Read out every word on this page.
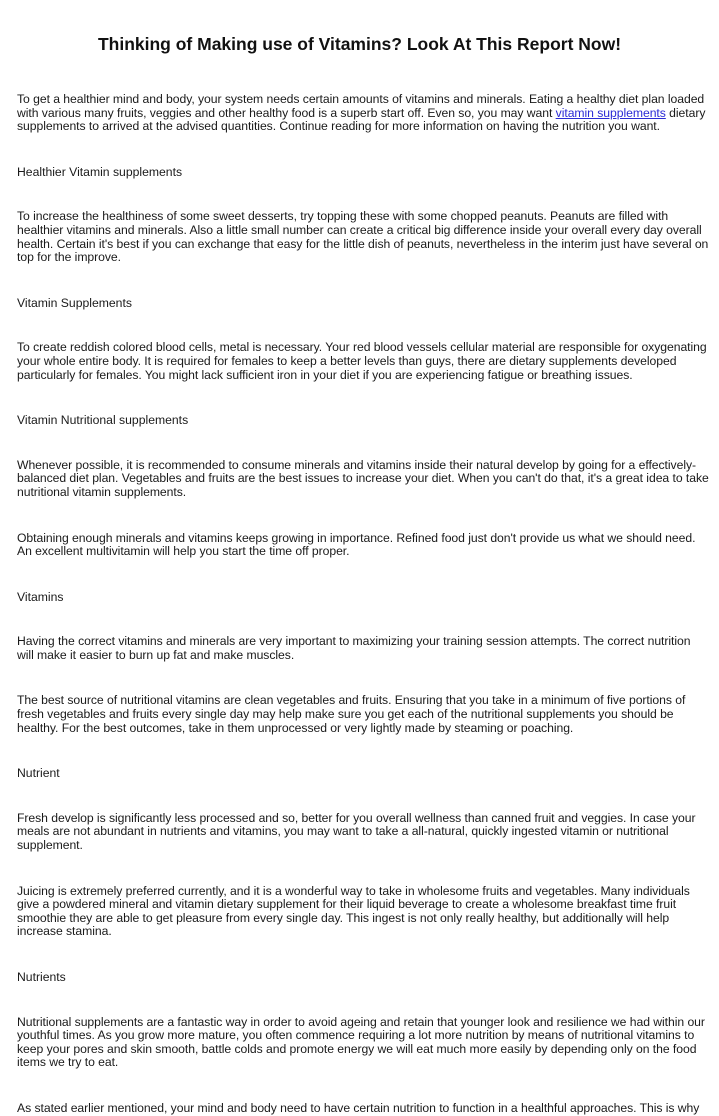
Thinking of Making use of Vitamins? Look At This Report Now!

To get a healthier mind and body, your system needs certain amounts of vitamins and minerals. Eating a healthy diet plan loaded with various many fruits, veggies and other healthy food is a superb start off. Even so, you may want vitamin supplements dietary supplements to arrived at the advised quantities. Continue reading for more information on having the nutrition you want.

Healthier Vitamin supplements

To increase the healthiness of some sweet desserts, try topping these with some chopped peanuts. Peanuts are filled with healthier vitamins and minerals. Also a little small number can create a critical big difference inside your overall every day overall health. Certain it's best if you can exchange that easy for the little dish of peanuts, nevertheless in the interim just have several on top for the improve.

Vitamin Supplements

To create reddish colored blood cells, metal is necessary. Your red blood vessels cellular material are responsible for oxygenating your whole entire body. It is required for females to keep a better levels than guys, there are dietary supplements developed particularly for females. You might lack sufficient iron in your diet if you are experiencing fatigue or breathing issues.

Vitamin Nutritional supplements

Whenever possible, it is recommended to consume minerals and vitamins inside their natural develop by going for a effectively-balanced diet plan. Vegetables and fruits are the best issues to increase your diet. When you can't do that, it's a great idea to take nutritional vitamin supplements.

Obtaining enough minerals and vitamins keeps growing in importance. Refined food just don't provide us what we should need. An excellent multivitamin will help you start the time off proper.

Vitamins

Having the correct vitamins and minerals are very important to maximizing your training session attempts. The correct nutrition will make it easier to burn up fat and make muscles.

The best source of nutritional vitamins are clean vegetables and fruits. Ensuring that you take in a minimum of five portions of fresh vegetables and fruits every single day may help make sure you get each of the nutritional supplements you should be healthy. For the best outcomes, take in them unprocessed or very lightly made by steaming or poaching.

Nutrient

Fresh develop is significantly less processed and so, better for you overall wellness than canned fruit and veggies. In case your meals are not abundant in nutrients and vitamins, you may want to take a all-natural, quickly ingested vitamin or nutritional supplement.

Juicing is extremely preferred currently, and it is a wonderful way to take in wholesome fruits and vegetables. Many individuals give a powdered mineral and vitamin dietary supplement for their liquid beverage to create a wholesome breakfast time fruit smoothie they are able to get pleasure from every single day. This ingest is not only really healthy, but additionally will help increase stamina.

Nutrients

Nutritional supplements are a fantastic way in order to avoid ageing and retain that younger look and resilience we had within our youthful times. As you grow more mature, you often commence requiring a lot more nutrition by means of nutritional vitamins to keep your pores and skin smooth, battle colds and promote energy we will eat much more easily by depending only on the food items we try to eat.

As stated earlier mentioned, your mind and body need to have certain nutrition to function in a healthful approaches. This is why
